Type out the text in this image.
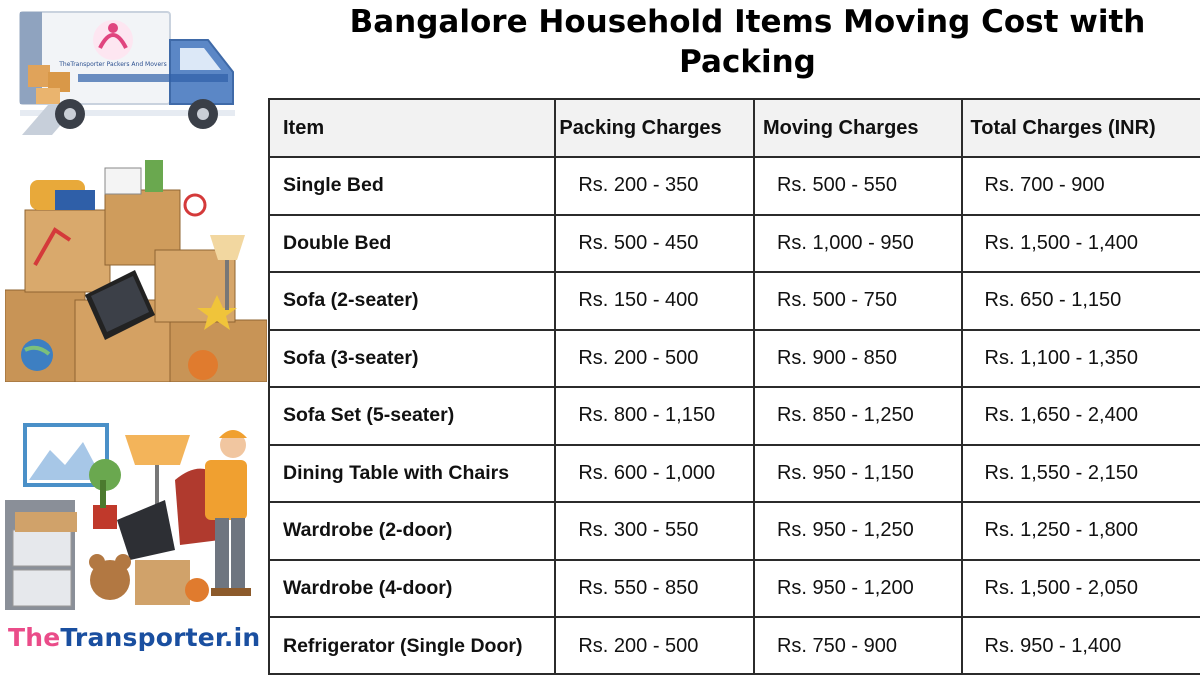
Bangalore Household Items Moving Cost with Packing
TheTransporter Packers And Movers
TheTransporter.in
Item	Packing Charges	Moving Charges	Total Charges (INR)
Single Bed	Rs. 200 - 350	Rs. 500 - 550	Rs. 700 - 900
Double Bed	Rs. 500 - 450	Rs. 1,000 - 950	Rs. 1,500 - 1,400
Sofa (2-seater)	Rs. 150 - 400	Rs. 500 - 750	Rs. 650 - 1,150
Sofa (3-seater)	Rs. 200 - 500	Rs. 900 - 850	Rs. 1,100 - 1,350
Sofa Set (5-seater)	Rs. 800 - 1,150	Rs. 850 - 1,250	Rs. 1,650 - 2,400
Dining Table with Chairs	Rs. 600 - 1,000	Rs. 950 - 1,150	Rs. 1,550 - 2,150
Wardrobe (2-door)	Rs. 300 - 550	Rs. 950 - 1,250	Rs. 1,250 - 1,800
Wardrobe (4-door)	Rs. 550 - 850	Rs. 950 - 1,200	Rs. 1,500 - 2,050
Refrigerator (Single Door)	Rs. 200 - 500	Rs. 750 - 900	Rs. 950 - 1,400
